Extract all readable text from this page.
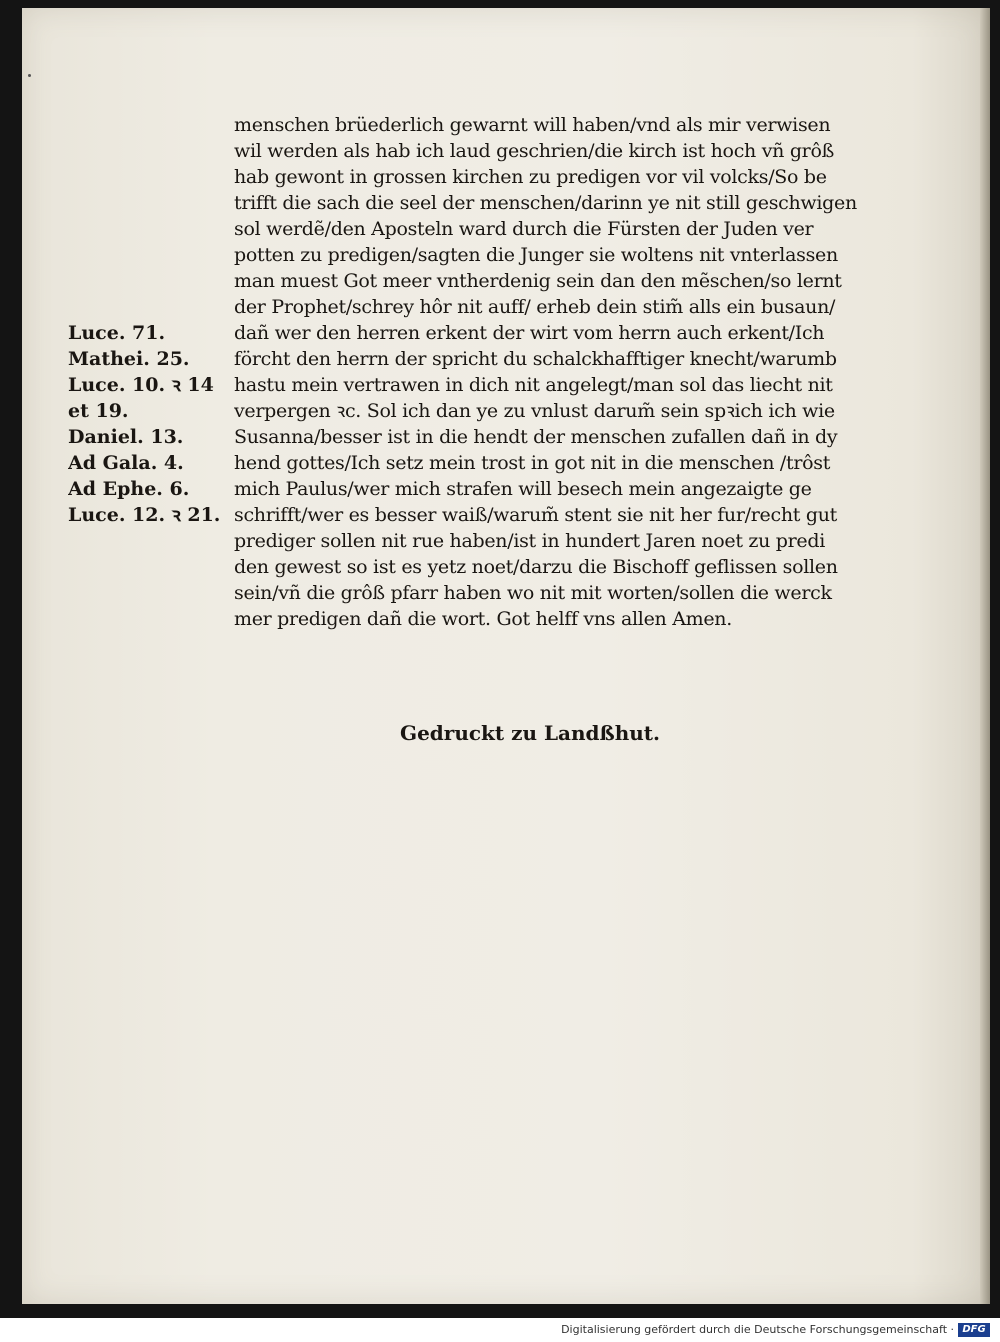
menschen brüederlich gewarnt will haben/vnd als mir verwisen
wil werden als hab ich laud geschrien/die kirch ist hoch vñ grôß
hab gewont in grossen kirchen zu predigen vor vil volcks/So be
trifft die sach die seel der menschen/darinn ye nit still geschwigen
sol werdẽ/den Aposteln ward durch die Fürsten der Juden ver
potten zu predigen/sagten die Junger sie woltens nit vnterlassen
man muest Got meer vntherdenig sein dan den mẽschen/so lernt
der Prophet/schrey hôr nit auff/ erheb dein stim̃ alls ein busaun/
dañ wer den herren erkent der wirt vom herrn auch erkent/Ich
förcht den herrn der spricht du schalckhafftiger knecht/warumb
hastu mein vertrawen in dich nit angelegt/man sol das liecht nit
verpergen ꝛc. Sol ich dan ye zu vnlust darum̃ sein spꝛich ich wie
Susanna/besser ist in die hendt der menschen zufallen dañ in dy
hend gottes/Ich setz mein trost in got nit in die menschen /trôst
mich Paulus/wer mich strafen will besech mein angezaigte ge
schrifft/wer es besser waiß/warum̃ stent sie nit her fur/recht gut
prediger sollen nit rue haben/ist in hundert Jaren noet zu predi
den gewest so ist es yetz noet/darzu die Bischoff geflissen sollen
sein/vñ die grôß pfarr haben wo nit mit worten/sollen die werck
mer predigen dañ die wort. Got helff vns allen Amen.
Luce. 71.
Mathei. 25.
Luce. 10. ꝛ 14
et 19.
Daniel. 13.
Ad Gala. 4.
Ad Ephe. 6.
Luce. 12. ꝛ 21.
Gedruckt zu Landßhut.
Digitalisierung gefördert durch die Deutsche Forschungsgemeinschaft · DFG
